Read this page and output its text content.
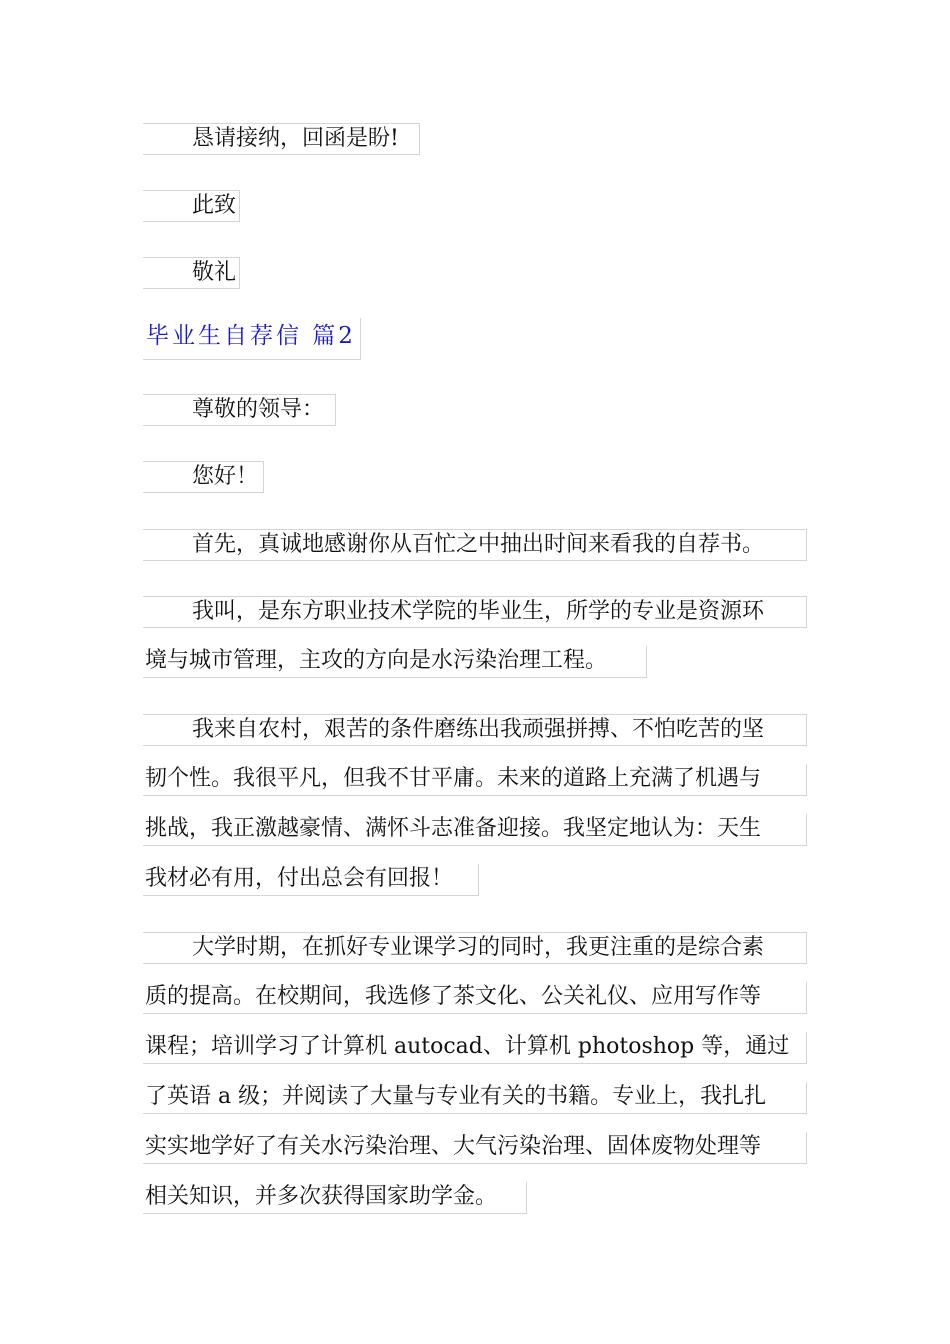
恳请接纳，回函是盼!
此致
敬礼
毕业生自荐信 篇2
尊敬的领导：
您好！
首先，真诚地感谢你从百忙之中抽出时间来看我的自荐书。
我叫，是东方职业技术学院的毕业生，所学的专业是资源环
境与城市管理，主攻的方向是水污染治理工程。
我来自农村，艰苦的条件磨练出我顽强拼搏、不怕吃苦的坚
韧个性。我很平凡，但我不甘平庸。未来的道路上充满了机遇与
挑战，我正激越豪情、满怀斗志准备迎接。我坚定地认为：天生
我材必有用，付出总会有回报！
大学时期，在抓好专业课学习的同时，我更注重的是综合素
质的提高。在校期间，我选修了茶文化、公关礼仪、应用写作等
课程；培训学习了计算机 autocad、计算机 photoshop 等，通过
了英语 a 级；并阅读了大量与专业有关的书籍。专业上，我扎扎
实实地学好了有关水污染治理、大气污染治理、固体废物处理等
相关知识，并多次获得国家助学金。
